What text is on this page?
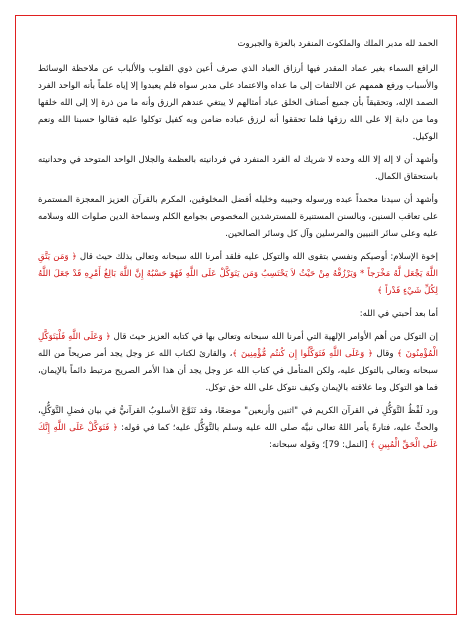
الحمد لله مدبر الملك والملكوت المنفرد بالعزة والجبروت

الرافع السماء بغير عماد المقدر فيها أرزاق العباد الذي صرف أعين ذوي القلوب والألباب عن ملاحظة الوسائط والأسباب ورفع هممهم عن الالتفات إلى ما عداه والاعتماد على مدبر سواه فلم يعبدوا إلا إياه علماً بأنه الواحد الفرد الصمد الإله، وتحقيقاً بأن جميع أصناف الخلق عباد أمثالهم لا يبتغي عندهم الرزق وأنه ما من ذرة إلا إلى الله خلقها وما من دابة إلا على الله رزقها فلما تحققوا أنه لرزق عباده ضامن وبه كفيل توكلوا عليه فقالوا حسبنا الله ونعم الوكيل.

وأشهد أن لا إله إلا الله وحده لا شريك له الفرد المنفرد في فردانيته بالعظمة والجلال الواحد المتوحد في وحدانيته باستحقاق الكمال.

وأشهد أن سيدنا محمداً عبده ورسوله وحبيبه وخليله أفضل المخلوقين، المكرم بالقرآن العزيز المعجزة المستمرة على تعاقب السنين، وبالسنن المستنيرة للمسترشدين المخصوص بجوامع الكلم وسماحة الدين صلوات الله وسلامه عليه وعلى سائر النبيين والمرسلين وآل كل وسائر الصالحين.

إخوة الإسلام: أوصيكم ونفسي بتقوى الله والتوكل عليه فلقد أمرنا الله سبحانه وتعالى بذلك حيث قال ﴿ وَمَن يَتَّقِ اللَّهَ يَجْعَل لَّهُ مَخْرَجاً * وَيَرْزُقْهُ مِنْ حَيْثُ لاَ يَحْتَسِبُ وَمَن يَتَوَكَّلْ عَلَى اللَّهِ فَهُوَ حَسْبُهُ إِنَّ اللَّهَ بَالِغُ أَمْرِهِ قَدْ جَعَلَ اللَّهُ لِكُلِّ شَيْءٍ قَدْراً ﴾

أما بعد أحبتي في الله:

إن التوكل من أهم الأوامر الإلهية التي أمرنا الله سبحانه وتعالى بها في كتابه العزيز حيث قال ﴿ وَعَلَى اللَّهِ فَلْيَتَوَكَّلِ الْمُؤْمِنُونَ ﴾ وقال ﴿ وَعَلَى اللَّهِ فَتَوَكَّلُوا إِن كُنتُم مُّؤْمِنِينَ ﴾، والقارئ لكتاب الله عز وجل يجد أمر صريحاً من الله سبحانه وتعالى بالتوكل عليه، ولكن المتأمل في كتاب الله عز وجل يجد أن هذا الأمر الصريح مرتبط دائماً بالإيمان، فما هو التوكل وما علاقته بالإيمان وكيف نتوكل على الله حق توكل.

ورد لَفْظُ التَّوَكُّلِ في القرآن الكريم في "اثنين وأربعين" موضعًا، وقد تَنَوَّعَ الأسلوبُ القرآنيُّ في بيان فضلِ التَّوَكُّلِ، والحثِّ عليه، فتارةً يأمر اللهُ تعالى نبيَّه صلى الله عليه وسلم بالتَّوَكُّل عليه؛ كما في قوله: ﴿ فَتَوَكَّلْ عَلَى اللَّهِ إِنَّكَ عَلَى الْحَقِّ الْمُبِينِ ﴾ [النمل: 79]؛ وقوله سبحانه:
